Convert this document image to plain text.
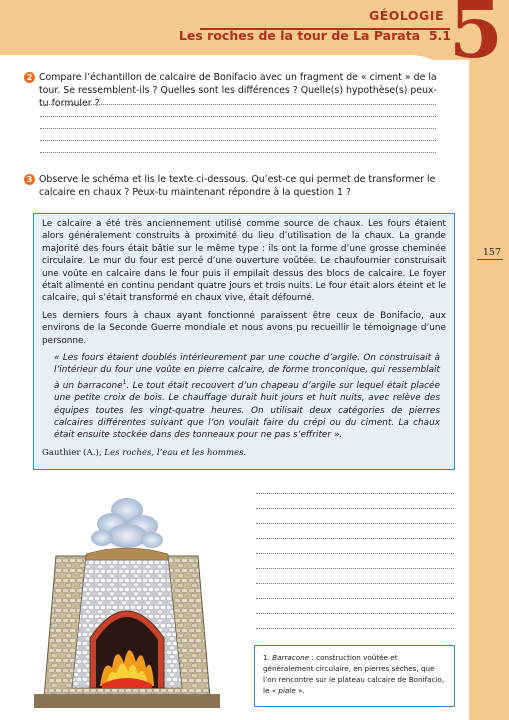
GÉOLOGIE
Les roches de la tour de La Parata 5.1
5
157
2 Compare l’échantillon de calcaire de Bonifacio avec un fragment de « ciment » de la tour. Se ressemblent-ils ? Quelles sont les différences ? Quelle(s) hypothèse(s) peux-tu formuler ?
3 Observe le schéma et lis le texte ci-dessous. Qu’est-ce qui permet de transformer le calcaire en chaux ? Peux-tu maintenant répondre à la question 1 ?

Le calcaire a été très anciennement utilisé comme source de chaux. Les fours étaient alors généralement construits à proximité du lieu d’utilisation de la chaux. La grande majorité des fours était bâtie sur le même type : ils ont la forme d’une grosse cheminée circulaire. Le mur du four est percé d’une ouverture voûtée. Le chaufournier construisait une voûte en calcaire dans le four puis il empilait dessus des blocs de calcaire. Le foyer était alimenté en continu pendant quatre jours et trois nuits. Le four était alors éteint et le calcaire, qui s’était transformé en chaux vive, était défourné.

Les derniers fours à chaux ayant fonctionné paraissent être ceux de Bonifacio, aux environs de la Seconde Guerre mondiale et nous avons pu recueillir le témoignage d’une personne.

« Les fours étaient doublés intérieurement par une couche d’argile. On construisait à l’intérieur du four une voûte en pierre calcaire, de forme tronconique, qui ressemblait à un barracone$^1$. Le tout était recouvert d’un chapeau d’argile sur lequel était placée une petite croix de bois. Le chauffage durait huit jours et huit nuits, avec relève des équipes toutes les vingt-quatre heures. On utilisait deux catégories de pierres calcaires différentes suivant que l’on voulait faire du crépi ou du ciment. La chaux était ensuite stockée dans des tonneaux pour ne pas s’effriter ».

Gauthier (A.), Les roches, l’eau et les hommes.

1. Barracone : construction voûtée et généralement circulaire, en pierres sèches, que l’on rencontre sur le plateau calcaire de Bonifacio, le « piale ».
